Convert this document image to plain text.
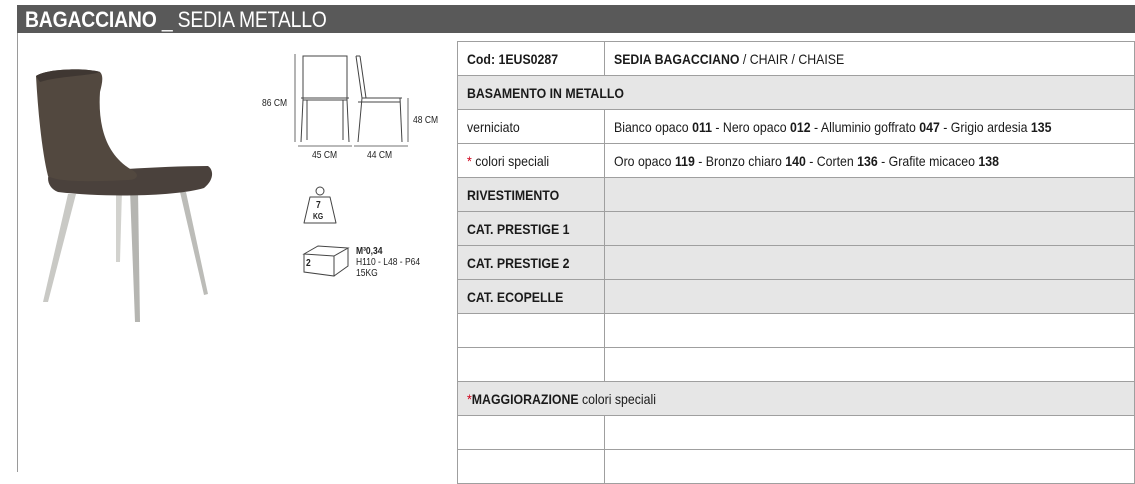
BAGACCIANO _ SEDIA METALLO
86 CM
48 CM
45 CM	44 CM
7
KG
2
M³0,34
H110 - L48 - P64
15KG
Cod: 1EUS0287	SEDIA BAGACCIANO / CHAIR / CHAISE
BASAMENTO IN METALLO	
verniciato	Bianco opaco 011 - Nero opaco 012 - Alluminio goffrato 047 - Grigio ardesia 135
* colori speciali	Oro opaco 119 - Bronzo chiaro 140 - Corten 136 - Grafite micaceo 138
RIVESTIMENTO	
CAT. PRESTIGE 1	
CAT. PRESTIGE 2	
CAT. ECOPELLE	

*MAGGIORAZIONE colori speciali	
